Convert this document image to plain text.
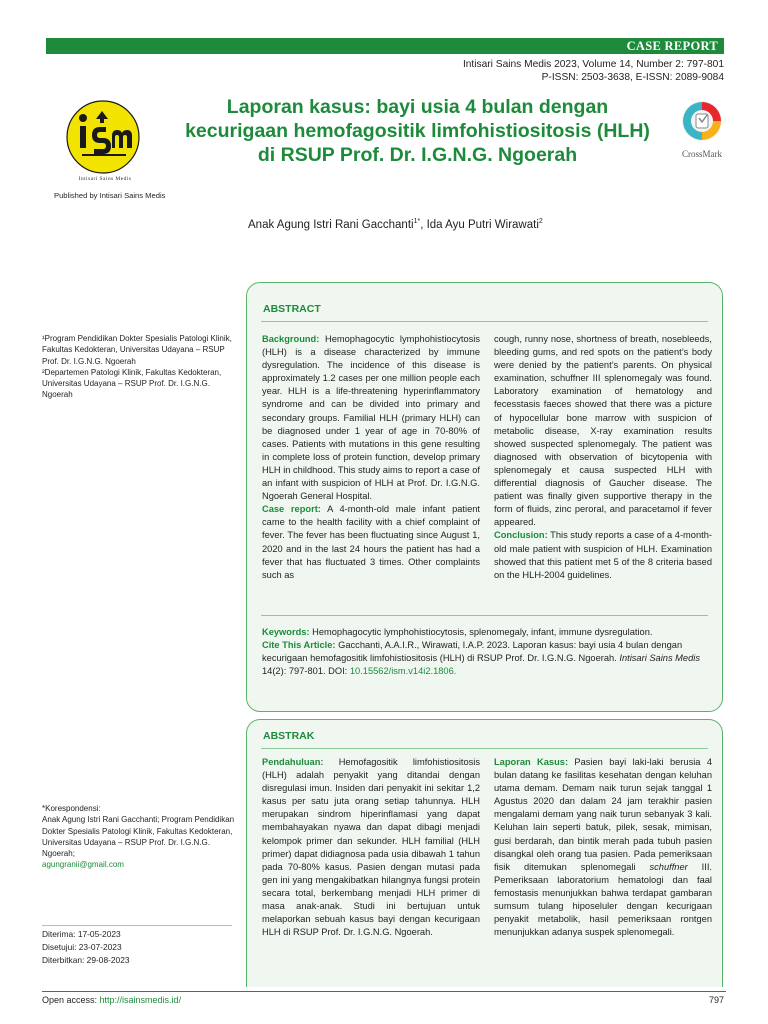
CASE REPORT
Intisari Sains Medis 2023, Volume 14, Number 2: 797-801
P-ISSN: 2503-3638, E-ISSN: 2089-9084
Intisari Sains Medis
Published by Intisari Sains Medis
Laporan kasus: bayi usia 4 bulan dengan
kecurigaan hemofagositik limfohistiositosis (HLH)
di RSUP Prof. Dr. I.G.N.G. Ngoerah	CrossMark
Anak Agung Istri Rani Gacchanti$^{1*}$, Ida Ayu Putri Wirawati$^2$
¹Program Pendidikan Dokter Spesialis Patologi Klinik, Fakultas Kedokteran, Universitas Udayana – RSUP Prof. Dr. I.G.N.G. Ngoerah
²Departemen Patologi Klinik, Fakultas Kedokteran, Universitas Udayana – RSUP Prof. Dr. I.G.N.G. Ngoerah
*Korespondensi:
Anak Agung Istri Rani Gacchanti; Program Pendidikan Dokter Spesialis Patologi Klinik, Fakultas Kedokteran, Universitas Udayana – RSUP Prof. Dr. I.G.N.G. Ngoerah;
agungranii@gmail.com
Diterima: 17-05-2023
Disetujui: 23-07-2023
Diterbitkan: 29-08-2023
ABSTRACT

Background: Hemophagocytic lymphohistiocytosis (HLH) is a disease characterized by immune dysregulation. The incidence of this disease is approximately 1.2 cases per one million people each year. HLH is a life-threatening hyperinflammatory syndrome and can be divided into primary and secondary groups. Familial HLH (primary HLH) can be diagnosed under 1 year of age in 70-80% of cases. Patients with mutations in this gene resulting in complete loss of protein function, develop primary HLH in childhood. This study aims to report a case of an infant with suspicion of HLH at Prof. Dr. I.G.N.G. Ngoerah General Hospital.

Case report: A 4-month-old male infant patient came to the health facility with a chief complaint of fever. The fever has been fluctuating since August 1, 2020 and in the last 24 hours the patient has had a fever that has fluctuated 3 times. Other complaints such as

cough, runny nose, shortness of breath, nosebleeds, bleeding gums, and red spots on the patient’s body were denied by the patient’s parents. On physical examination, schuffner III splenomegaly was found. Laboratory examination of hematology and fecesstasis faeces showed that there was a picture of hypocellular bone marrow with suspicion of metabolic disease, X-ray examination results showed suspected splenomegaly. The patient was diagnosed with observation of bicytopenia with splenomegaly et causa suspected HLH with differential diagnosis of Gaucher disease. The patient was finally given supportive therapy in the form of fluids, zinc peroral, and paracetamol if fever appeared.

Conclusion: This study reports a case of a 4-month-old male patient with suspicion of HLH. Examination showed that this patient met 5 of the 8 criteria based on the HLH-2004 guidelines.

Keywords: Hemophagocytic lymphohistiocytosis, splenomegaly, infant, immune dysregulation.
Cite This Article: Gacchanti, A.A.I.R., Wirawati, I.A.P. 2023. Laporan kasus: bayi usia 4 bulan dengan kecurigaan hemofagositik limfohistiositosis (HLH) di RSUP Prof. Dr. I.G.N.G. Ngoerah. Intisari Sains Medis 14(2): 797-801. DOI: 10.15562/ism.v14i2.1806.
ABSTRAK

Pendahuluan: Hemofagositik limfohistiositosis (HLH) adalah penyakit yang ditandai dengan disregulasi imun. Insiden dari penyakit ini sekitar 1,2 kasus per satu juta orang setiap tahunnya. HLH merupakan sindrom hiperinflamasi yang dapat membahayakan nyawa dan dapat dibagi menjadi kelompok primer dan sekunder. HLH familial (HLH primer) dapat didiagnosa pada usia dibawah 1 tahun pada 70-80% kasus. Pasien dengan mutasi pada gen ini yang mengakibatkan hilangnya fungsi protein secara total, berkembang menjadi HLH primer di masa anak-anak. Studi ini bertujuan untuk melaporkan sebuah kasus bayi dengan kecurigaan HLH di RSUP Prof. Dr. I.G.N.G. Ngoerah.

Laporan Kasus: Pasien bayi laki-laki berusia 4 bulan datang ke fasilitas kesehatan dengan keluhan utama demam. Demam naik turun sejak tanggal 1 Agustus 2020 dan dalam 24 jam terakhir pasien mengalami demam yang naik turun sebanyak 3 kali. Keluhan lain seperti batuk, pilek, sesak, mimisan, gusi berdarah, dan bintik merah pada tubuh pasien disangkal oleh orang tua pasien. Pada pemeriksaan fisik ditemukan splenomegali schuffner III. Pemeriksaan laboratorium hematologi dan faal femostasis menunjukkan bahwa terdapat gambaran sumsum tulang hiposeluler dengan kecurigaan penyakit metabolik, hasil pemeriksaan rontgen menunjukkan adanya suspek splenomegali.

Open access: http://isainsmedis.id/	797
